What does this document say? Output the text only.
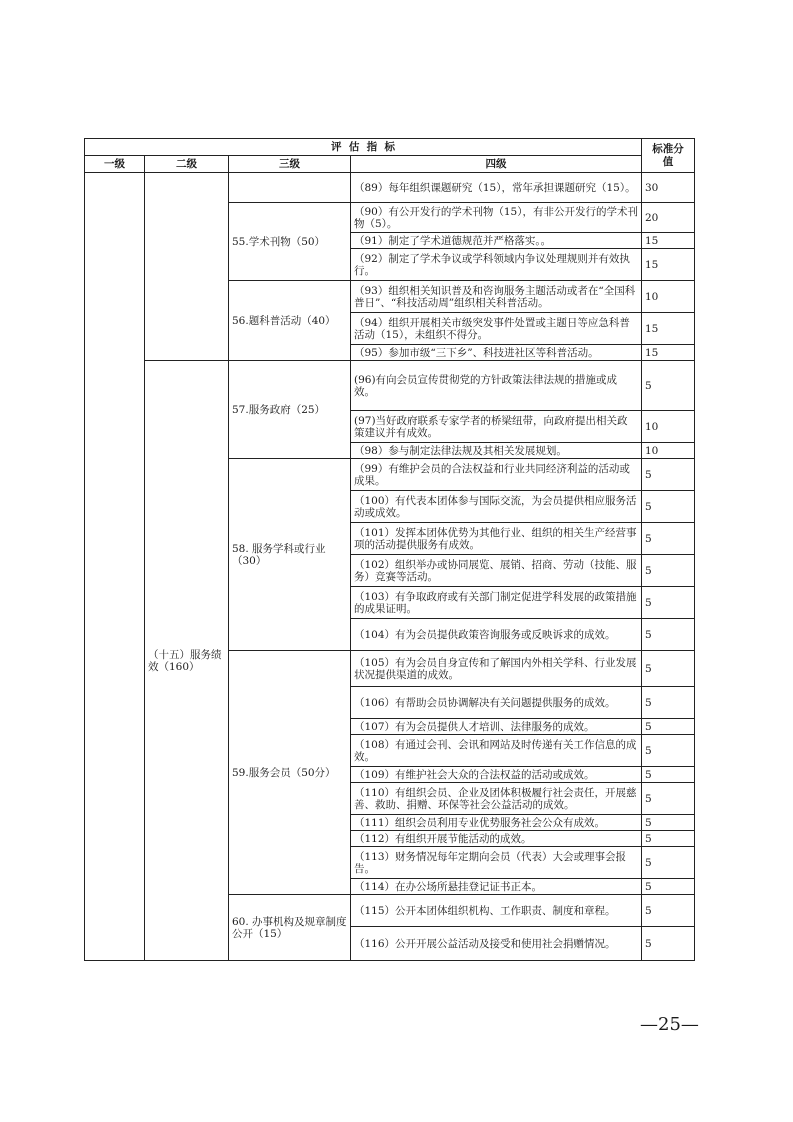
评  估  指  标				标准分值
一级	二级	三级	四级	
			（89）每年组织课题研究（15），常年承担课题研究（15）。	30
		55.学术刊物（50）	（90）有公开发行的学术刊物（15），有非公开发行的学术刊物（5）。	20
			（91）制定了学术道德规范并严格落实。。	15
			（92）制定了学术争议或学科领域内争议处理规则并有效执行。	15
		56.题科普活动（40）	（93）组织相关知识普及和咨询服务主题活动或者在“全国科普日”、“科技活动周”组织相关科普活动。	10
			（94）组织开展相关市级突发事件处置或主题日等应急科普活动（15），未组织不得分。	15
			（95）参加市级“三下乡”、科技进社区等科普活动。	15
	（十五）服务绩效（160）	57.服务政府（25）	(96)有向会员宣传贯彻党的方针政策法律法规的措施或成效。	5
			(97)当好政府联系专家学者的桥梁纽带，向政府提出相关政策建议并有成效。	10
			（98）参与制定法律法规及其相关发展规划。	10
		58. 服务学科或行业（30）	（99）有维护会员的合法权益和行业共同经济利益的活动或成果。	5
			（100）有代表本团体参与国际交流，为会员提供相应服务活动或成效。	5
			（101）发挥本团体优势为其他行业、组织的相关生产经营事项的活动提供服务有成效。	5
			（102）组织举办或协同展览、展销、招商、劳动（技能、服务）竞赛等活动。	5
			（103）有争取政府或有关部门制定促进学科发展的政策措施的成果证明。	5
			（104）有为会员提供政策咨询服务或反映诉求的成效。	5
		59.服务会员（50分）	（105）有为会员自身宣传和了解国内外相关学科、行业发展状况提供渠道的成效。	5
			（106）有帮助会员协调解决有关问题提供服务的成效。	5
			（107）有为会员提供人才培训、法律服务的成效。	5
			（108）有通过会刊、会讯和网站及时传递有关工作信息的成效。	5
			（109）有维护社会大众的合法权益的活动或成效。	5
			（110）有组织会员、企业及团体积极履行社会责任，开展慈善、救助、捐赠、环保等社会公益活动的成效。	5
			（111）组织会员利用专业优势服务社会公众有成效。	5
			（112）有组织开展节能活动的成效。	5
			（113）财务情况每年定期向会员（代表）大会或理事会报告。	5
			（114）在办公场所悬挂登记证书正本。	5
		60. 办事机构及规章制度公开（15）	（115）公开本团体组织机构、工作职责、制度和章程。	5
			（116）公开开展公益活动及接受和使用社会捐赠情况。	5
—25—
